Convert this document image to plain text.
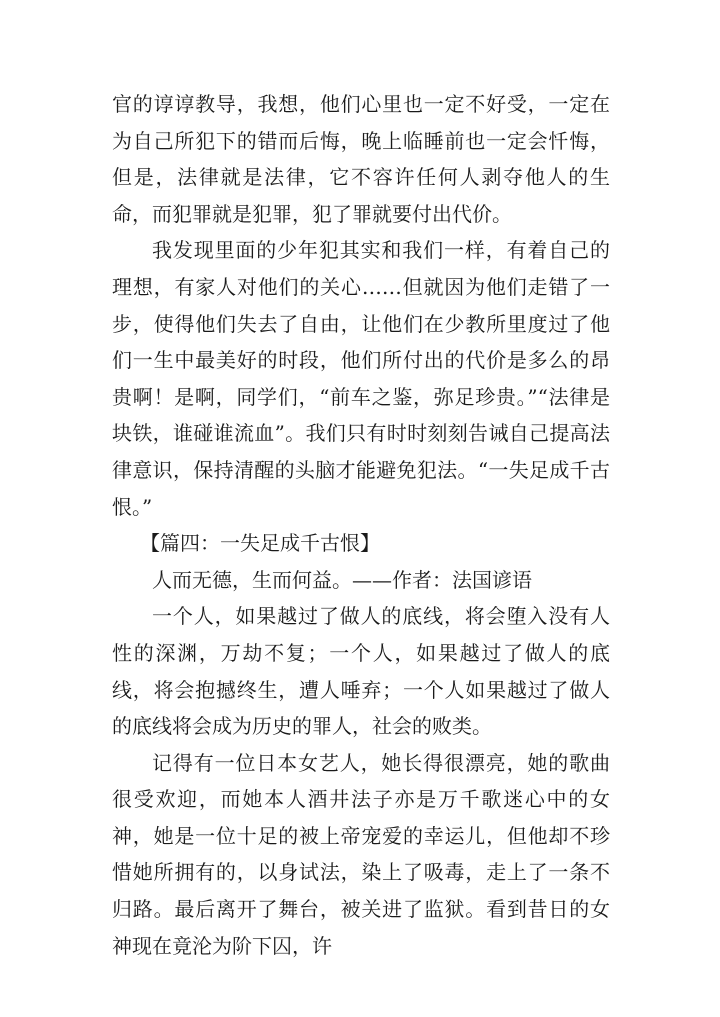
官的谆谆教导，我想，他们心里也一定不好受，一定在为自己所犯下的错而后悔，晚上临睡前也一定会忏悔，但是，法律就是法律，它不容许任何人剥夺他人的生命，而犯罪就是犯罪，犯了罪就要付出代价。

我发现里面的少年犯其实和我们一样，有着自己的理想，有家人对他们的关心……但就因为他们走错了一步，使得他们失去了自由，让他们在少教所里度过了他们一生中最美好的时段，他们所付出的代价是多么的昂贵啊！是啊，同学们，“前车之鉴，弥足珍贵。”“法律是块铁，谁碰谁流血”。我们只有时时刻刻告诫自己提高法律意识，保持清醒的头脑才能避免犯法。“一失足成千古恨。”

【篇四：一失足成千古恨】

人而无德，生而何益。——作者：法国谚语

一个人，如果越过了做人的底线，将会堕入没有人性的深渊，万劫不复；一个人，如果越过了做人的底线，将会抱撼终生，遭人唾弃；一个人如果越过了做人的底线将会成为历史的罪人，社会的败类。

记得有一位日本女艺人，她长得很漂亮，她的歌曲很受欢迎，而她本人酒井法子亦是万千歌迷心中的女神，她是一位十足的被上帝宠爱的幸运儿，但他却不珍惜她所拥有的，以身试法，染上了吸毒，走上了一条不归路。最后离开了舞台，被关进了监狱。看到昔日的女神现在竟沦为阶下囚，许
